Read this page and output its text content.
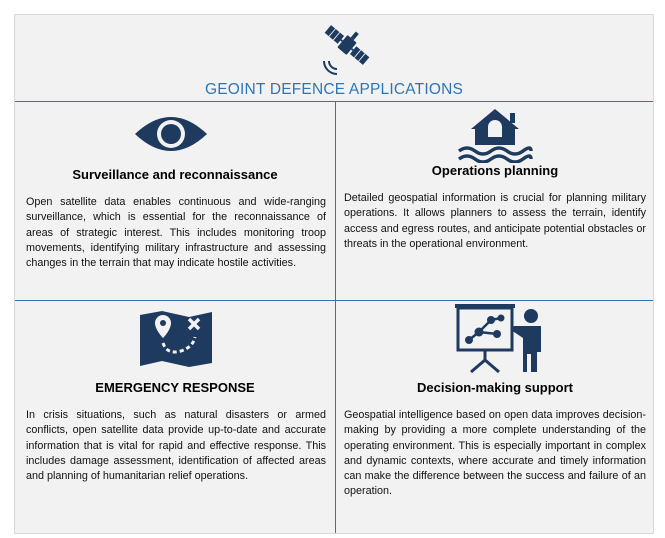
GEOINT DEFENCE APPLICATIONS
Surveillance and reconnaissance
Open satellite data enables continuous and wide-ranging surveillance, which is essential for the reconnaissance of areas of strategic interest. This includes monitoring troop movements, identifying military infrastructure and assessing changes in the terrain that may indicate hostile activities.
Operations planning
Detailed geospatial information is crucial for planning military operations. It allows planners to assess the terrain, identify access and egress routes, and anticipate potential obstacles or threats in the operational environment.
EMERGENCY RESPONSE
In crisis situations, such as natural disasters or armed conflicts, open satellite data provide up-to-date and accurate information that is vital for rapid and effective response. This includes damage assessment, identification of affected areas and planning of humanitarian relief operations.
Decision-making support
Geospatial intelligence based on open data improves decision-making by providing a more complete understanding of the operating environment. This is especially important in complex and dynamic contexts, where accurate and timely information can make the difference between the success and failure of an operation.
